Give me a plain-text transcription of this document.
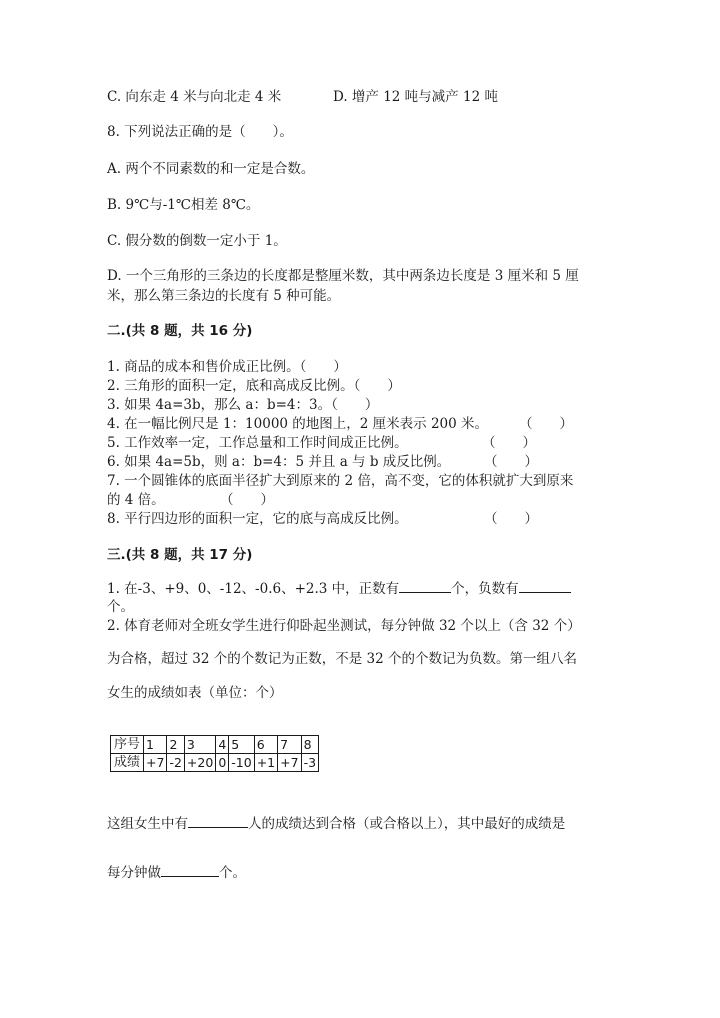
C. 向东走 4 米与向北走 4 米	D. 增产 12 吨与减产 12 吨
8. 下列说法正确的是（　　）。
A. 两个不同素数的和一定是合数。
B. 9℃与-1℃相差 8℃。
C. 假分数的倒数一定小于 1。
D. 一个三角形的三条边的长度都是整厘米数，其中两条边长度是 3 厘米和 5 厘
米，那么第三条边的长度有 5 种可能。
二.(共 8 题，共 16 分)
1. 商品的成本和售价成正比例。（　　）
2. 三角形的面积一定，底和高成反比例。（　　）
3. 如果 4a=3b，那么 a：b=4：3。（　　）
4. 在一幅比例尺是 1：10000 的地图上，2 厘米表示 200 米。 （　　）
5. 工作效率一定，工作总量和工作时间成正比例。	（　　）
6. 如果 4a=5b，则 a：b=4：5 并且 a 与 b 成反比例。 （　　）
7. 一个圆锥体的底面半径扩大到原来的 2 倍，高不变，它的体积就扩大到原来
的 4 倍。	（　　）
8. 平行四边形的面积一定，它的底与高成反比例。	（　　）
三.(共 8 题，共 17 分)
1. 在-3、+9、0、-12、-0.6、+2.3 中，正数有	个，负数有
个。
2. 体育老师对全班女学生进行仰卧起坐测试，每分钟做 32 个以上（含 32 个）
为合格，超过 32 个的个数记为正数，不是 32 个的个数记为负数。第一组八名
女生的成绩如表（单位：个）
序号	1	2	3	4	5	6	7	8
成绩	+7	-2	+20	0	-10	+1	+7	-3
这组女生中有	人的成绩达到合格（或合格以上），其中最好的成绩是
每分钟做	个。
